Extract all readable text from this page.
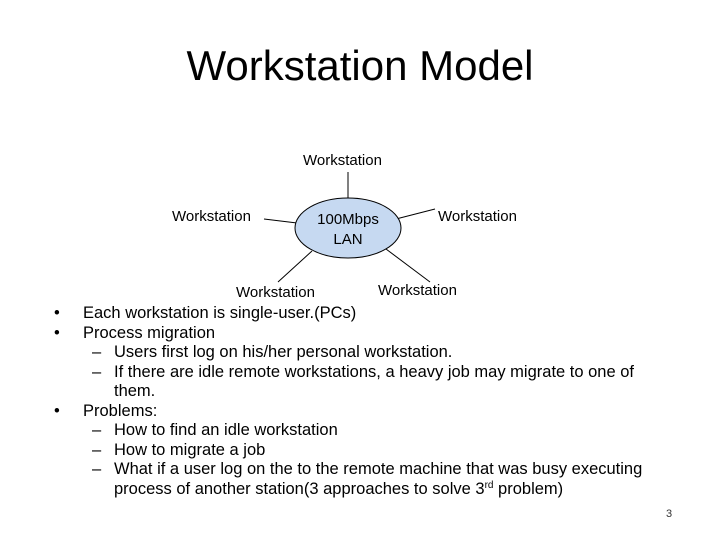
Workstation Model
100Mbps
LAN
Workstation
Workstation	Workstation
Workstation	Workstation
• Each workstation is single-user.(PCs)
• Process migration
– Users first log on his/her personal workstation.
– If there are idle remote workstations, a heavy job may migrate to one of them.
• Problems:
– How to find an idle workstation
– How to migrate a job
– What if a user log on the to the remote machine that was busy executing process of another station(3 approaches to solve 3rd problem)
3
